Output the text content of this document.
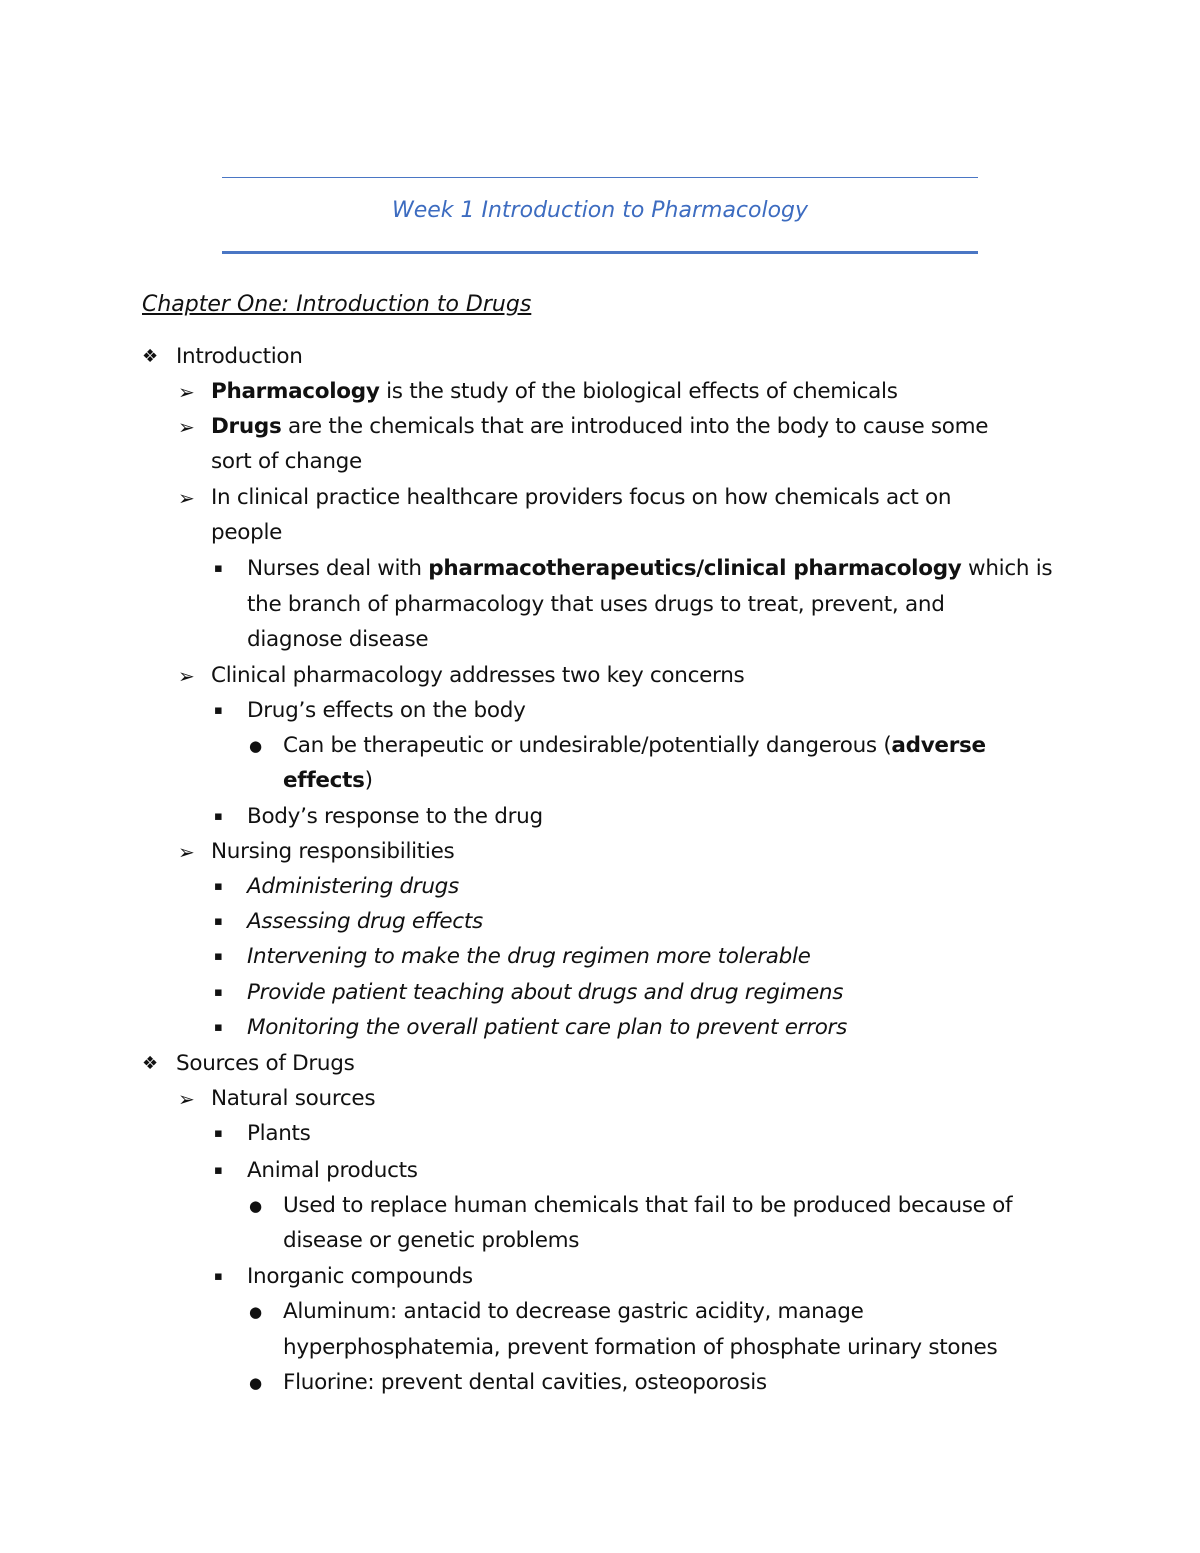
Week 1 Introduction to Pharmacology
Chapter One: Introduction to Drugs
❖ Introduction
➢ Pharmacology is the study of the biological effects of chemicals
➢ Drugs are the chemicals that are introduced into the body to cause some
sort of change
➢ In clinical practice healthcare providers focus on how chemicals act on
people
▪ Nurses deal with pharmacotherapeutics/clinical pharmacology which is
the branch of pharmacology that uses drugs to treat, prevent, and
diagnose disease
➢ Clinical pharmacology addresses two key concerns
▪ Drug’s effects on the body
● Can be therapeutic or undesirable/potentially dangerous (adverse
effects)
▪ Body’s response to the drug
➢ Nursing responsibilities
▪ Administering drugs
▪ Assessing drug effects
▪ Intervening to make the drug regimen more tolerable
▪ Provide patient teaching about drugs and drug regimens
▪ Monitoring the overall patient care plan to prevent errors
❖ Sources of Drugs
➢ Natural sources
▪ Plants
▪ Animal products
● Used to replace human chemicals that fail to be produced because of
disease or genetic problems
▪ Inorganic compounds
● Aluminum: antacid to decrease gastric acidity, manage
hyperphosphatemia, prevent formation of phosphate urinary stones
● Fluorine: prevent dental cavities, osteoporosis
